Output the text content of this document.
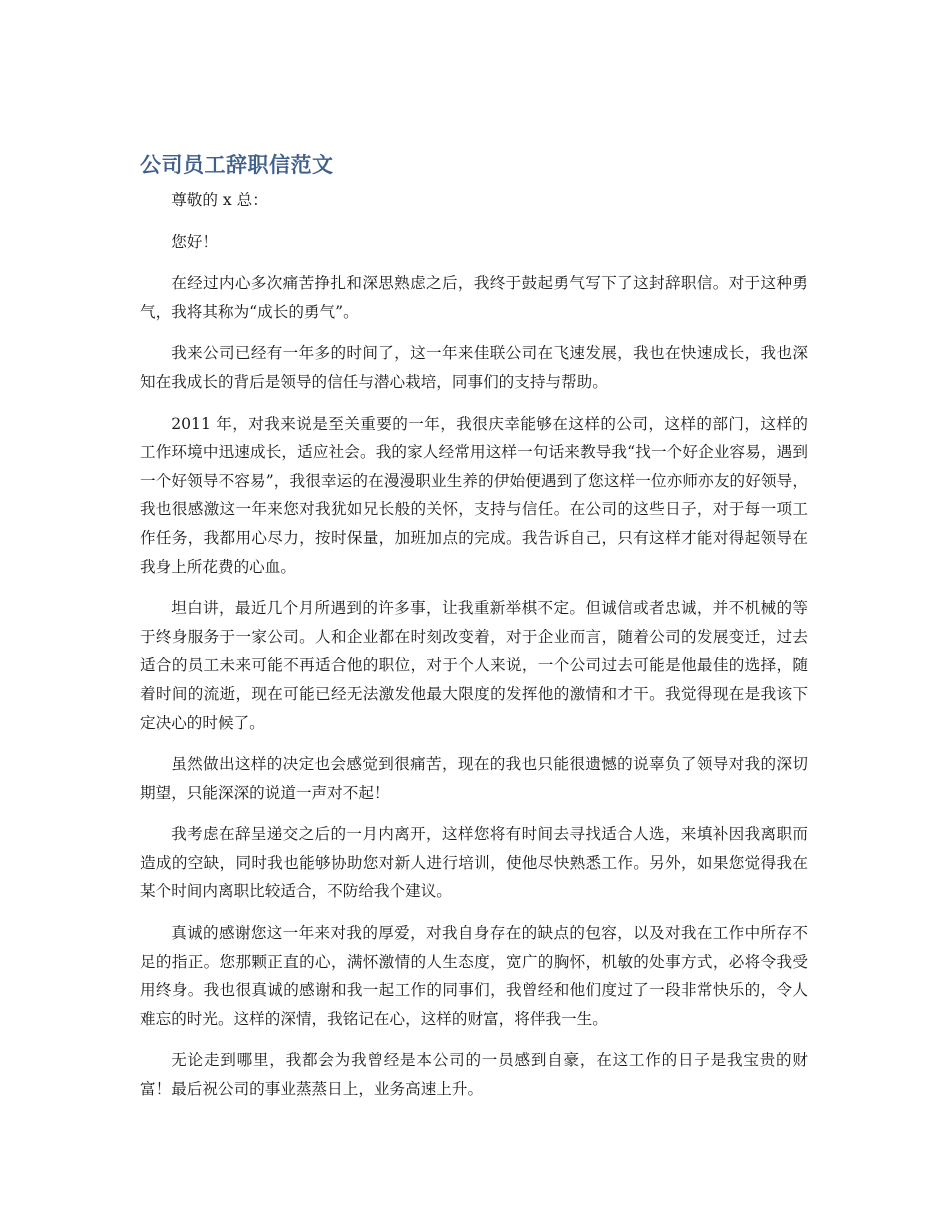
公司员工辞职信范文

尊敬的 x 总：

您好！

在经过内心多次痛苦挣扎和深思熟虑之后，我终于鼓起勇气写下了这封辞职信。对于这种勇气，我将其称为“成长的勇气”。

我来公司已经有一年多的时间了，这一年来佳联公司在飞速发展，我也在快速成长，我也深知在我成长的背后是领导的信任与潜心栽培，同事们的支持与帮助。

2011 年，对我来说是至关重要的一年，我很庆幸能够在这样的公司，这样的部门，这样的工作环境中迅速成长，适应社会。我的家人经常用这样一句话来教导我“找一个好企业容易，遇到一个好领导不容易”，我很幸运的在漫漫职业生养的伊始便遇到了您这样一位亦师亦友的好领导，我也很感激这一年来您对我犹如兄长般的关怀，支持与信任。在公司的这些日子，对于每一项工作任务，我都用心尽力，按时保量，加班加点的完成。我告诉自己，只有这样才能对得起领导在我身上所花费的心血。

坦白讲，最近几个月所遇到的许多事，让我重新举棋不定。但诚信或者忠诚，并不机械的等于终身服务于一家公司。人和企业都在时刻改变着，对于企业而言，随着公司的发展变迁，过去适合的员工未来可能不再适合他的职位，对于个人来说，一个公司过去可能是他最佳的选择，随着时间的流逝，现在可能已经无法激发他最大限度的发挥他的激情和才干。我觉得现在是我该下定决心的时候了。

虽然做出这样的决定也会感觉到很痛苦，现在的我也只能很遗憾的说辜负了领导对我的深切期望，只能深深的说道一声对不起！

我考虑在辞呈递交之后的一月内离开，这样您将有时间去寻找适合人选，来填补因我离职而造成的空缺，同时我也能够协助您对新人进行培训，使他尽快熟悉工作。另外，如果您觉得我在某个时间内离职比较适合，不防给我个建议。

真诚的感谢您这一年来对我的厚爱，对我自身存在的缺点的包容，以及对我在工作中所存不足的指正。您那颗正直的心，满怀激情的人生态度，宽广的胸怀，机敏的处事方式，必将令我受用终身。我也很真诚的感谢和我一起工作的同事们，我曾经和他们度过了一段非常快乐的，令人难忘的时光。这样的深情，我铭记在心，这样的财富，将伴我一生。

无论走到哪里，我都会为我曾经是本公司的一员感到自豪，在这工作的日子是我宝贵的财富！最后祝公司的事业蒸蒸日上，业务高速上升。
